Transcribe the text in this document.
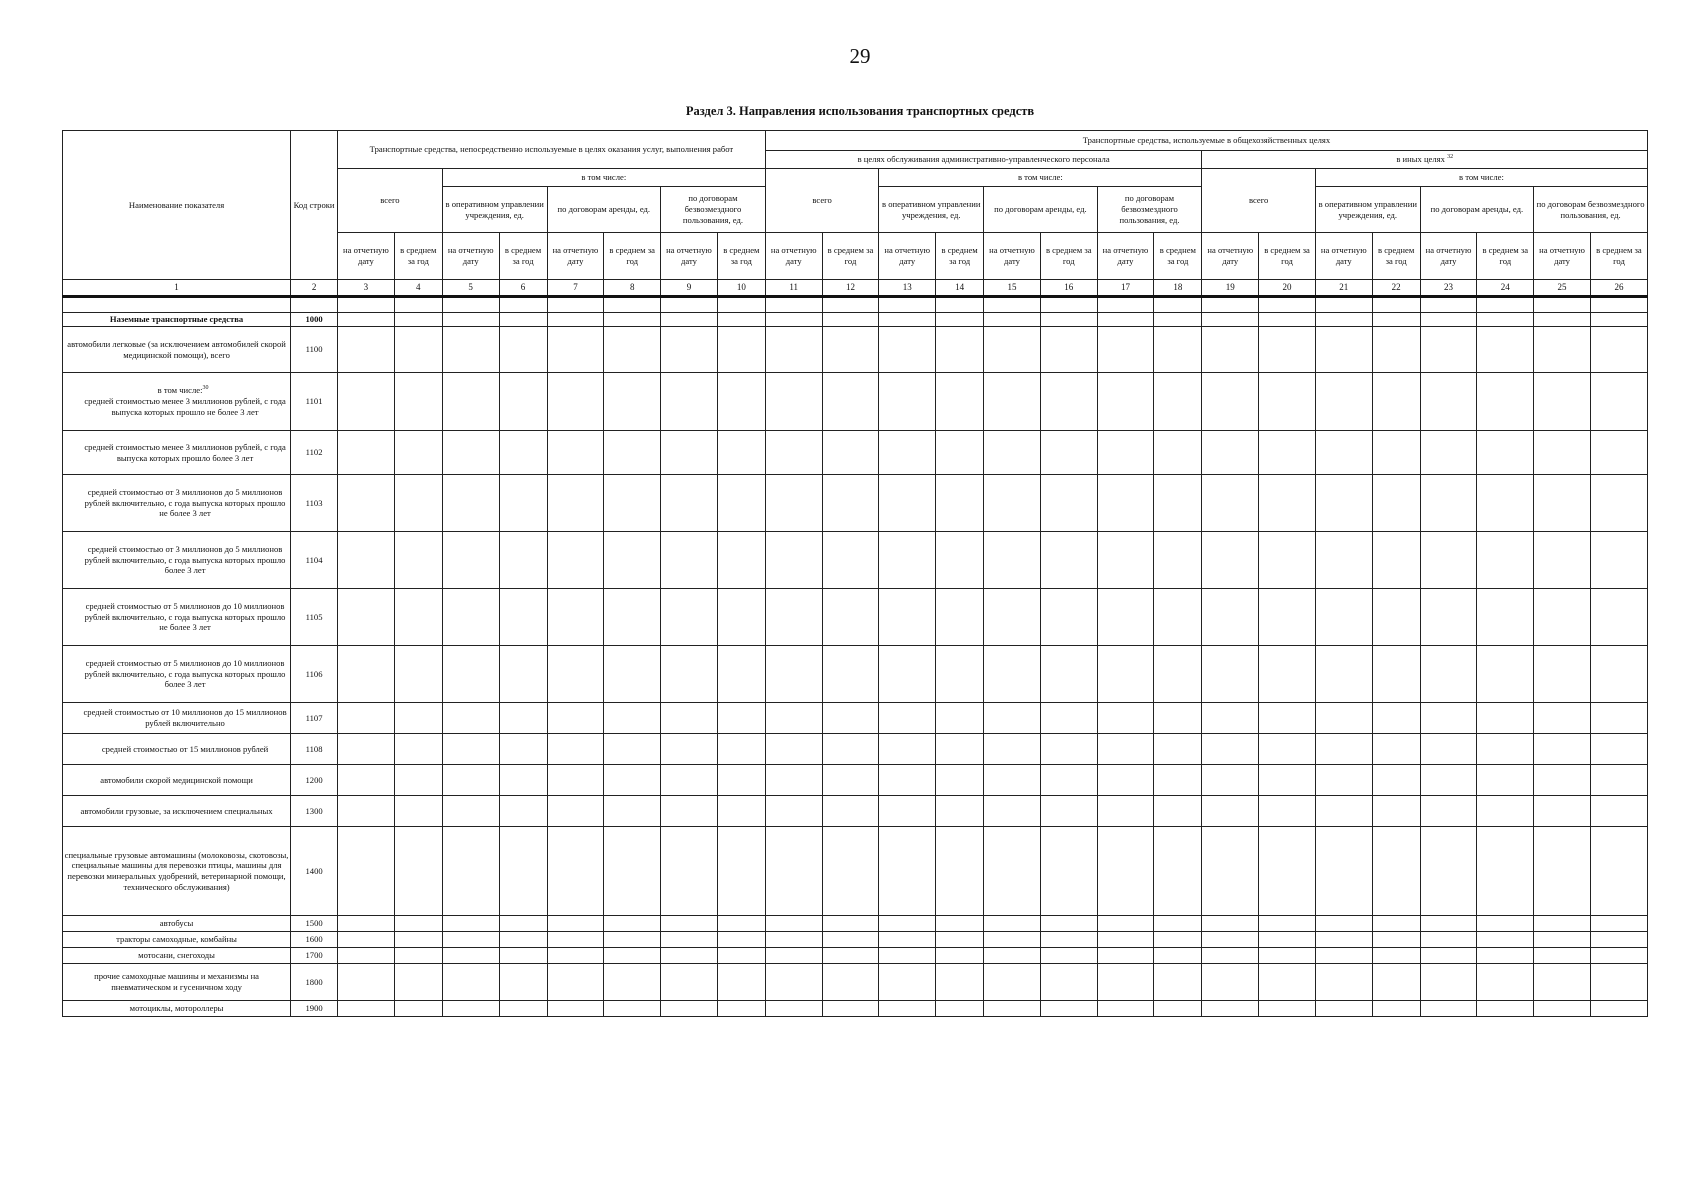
29
Раздел 3. Направления использования транспортных средств
Наименование показателя	Код строки	Транспортные средства, непосредственно используемые в целях оказания услуг, выполнения работ								Транспортные средства, используемые в общехозяйственных целях															
										в целях обслуживания административно-управленческого персонала								в иных целях $^{32}$
		всего		в том числе:						всего		в том числе:						всего		в том числе:					
				в оперативном управлении учреждения, ед.		по договорам аренды, ед.		по договорам безвозмездного пользования, ед.				в оперативном управлении учреждения, ед.		по договорам аренды, ед.		по договорам безвозмездного пользования, ед.				в оперативном управлении учреждения, ед.		по договорам аренды, ед.		по договорам безвозмездного пользования, ед.	
		на отчетную дату	в среднем за год	на отчетную дату	в среднем за год	на отчетную дату	в среднем за год	на отчетную дату	в среднем за год	на отчетную дату	в среднем за год	на отчетную дату	в среднем за год	на отчетную дату	в среднем за год	на отчетную дату	в среднем за год	на отчетную дату	в среднем за год	на отчетную дату	в среднем за год	на отчетную дату	в среднем за год	на отчетную дату	в среднем за год
1	2	3	4	5	6	7	8	9	10	11	12	13	14	15	16	17	18	19	20	21	22	23	24	25	26

Наземные транспортные средства	1000																								
автомобили легковые (за исключением автомобилей скорой медицинской помощи), всего	1100																								

в том числе:$^{30}$
средней стоимостью менее 3 миллионов рублей, с года выпуска которых прошло не более 3 лет	1101																								
средней стоимостью менее 3 миллионов рублей, с года выпуска которых прошло более 3 лет	1102																								
средней стоимостью от 3 миллионов до 5 миллионов рублей включительно, с года выпуска которых прошло не более 3 лет	1103																								
средней стоимостью от 3 миллионов до 5 миллионов рублей включительно, с года выпуска которых прошло более 3 лет	1104																								
средней стоимостью от 5 миллионов до 10 миллионов рублей включительно, с года выпуска которых прошло не более 3 лет	1105																								
средней стоимостью от 5 миллионов до 10 миллионов рублей включительно, с года выпуска которых прошло более 3 лет	1106																								
средней стоимостью от 10 миллионов до 15 миллионов рублей включительно	1107																								
средней стоимостью от 15 миллионов рублей	1108																								
автомобили скорой медицинской помощи	1200																								
автомобили грузовые, за исключением специальных	1300																								
специальные грузовые автомашины (молоковозы, скотовозы, специальные машины для перевозки птицы, машины для перевозки минеральных удобрений, ветеринарной помощи, технического обслуживания)	1400																								
автобусы	1500																								
тракторы самоходные, комбайны	1600																								
мотосани, снегоходы	1700																								
прочие самоходные машины и механизмы на пневматическом и гусеничном ходу	1800																								
мотоциклы, мотороллеры	1900																								
